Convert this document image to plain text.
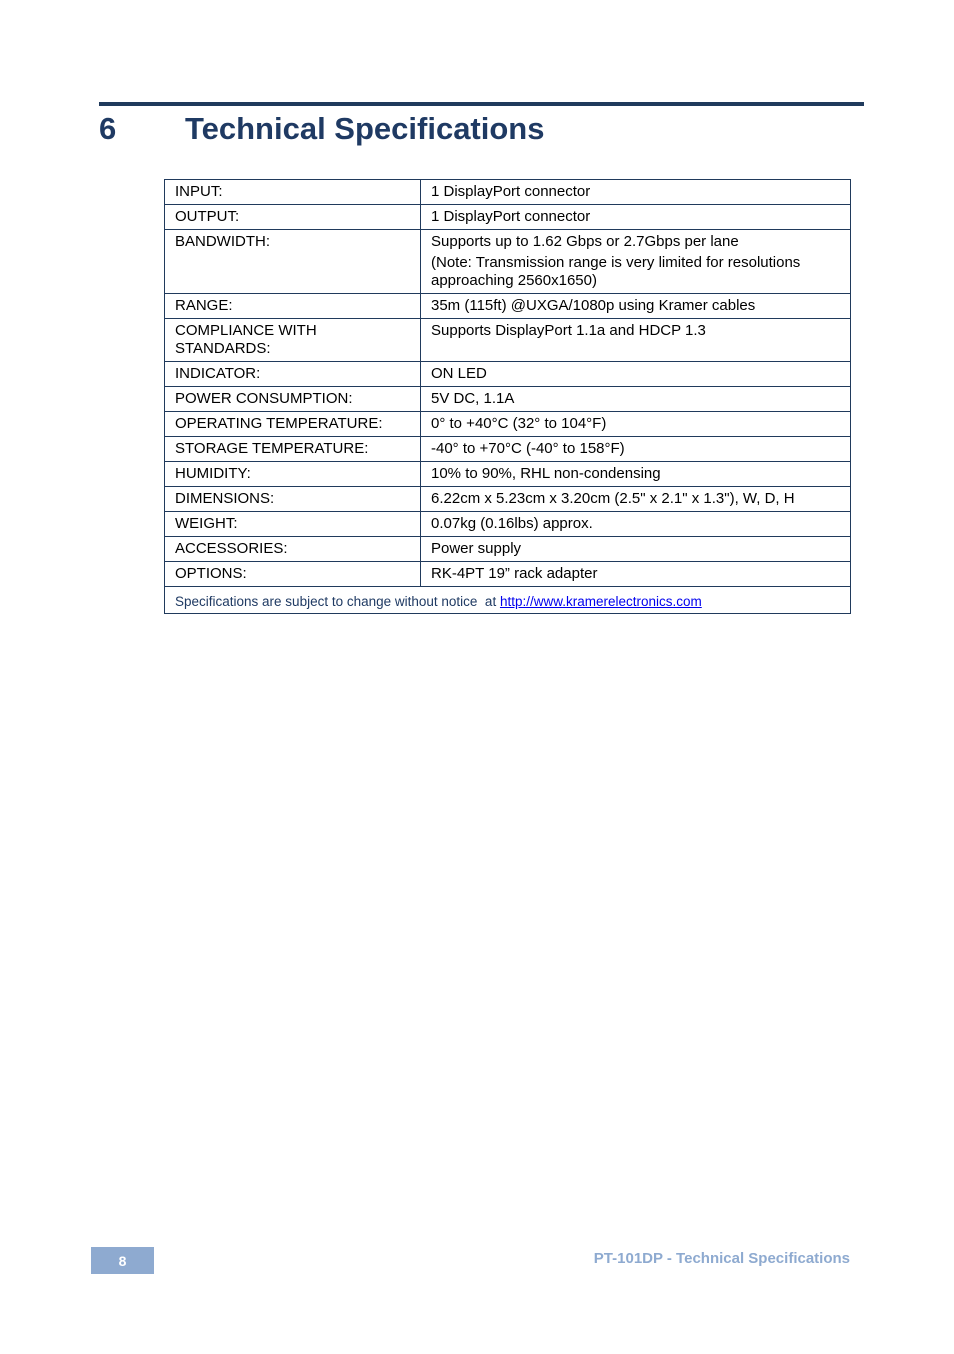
6	Technical Specifications
INPUT:	1 DisplayPort connector

OUTPUT:	1 DisplayPort connector

BANDWIDTH:	Supports up to 1.62 Gbps or 2.7Gbps per lane

(Note: Transmission range is very limited for resolutions approaching 2560x1650)

RANGE:	35m (115ft) @UXGA/1080p using Kramer cables

COMPLIANCE WITH STANDARDS:	Supports DisplayPort 1.1a and HDCP 1.3

INDICATOR:	ON LED

POWER CONSUMPTION:	5V DC, 1.1A

OPERATING TEMPERATURE:	0° to +40°C (32° to 104°F)

STORAGE TEMPERATURE:	-40° to +70°C (-40° to 158°F)

HUMIDITY:	10% to 90%, RHL non-condensing

DIMENSIONS:	6.22cm x 5.23cm x 3.20cm (2.5" x 2.1" x 1.3"), W, D, H

WEIGHT:	0.07kg (0.16lbs) approx.

ACCESSORIES:	Power supply

OPTIONS:	RK-4PT 19” rack adapter

Specifications are subject to change without notice  at http://www.kramerelectronics.com	
8	PT-101DP - Technical Specifications
